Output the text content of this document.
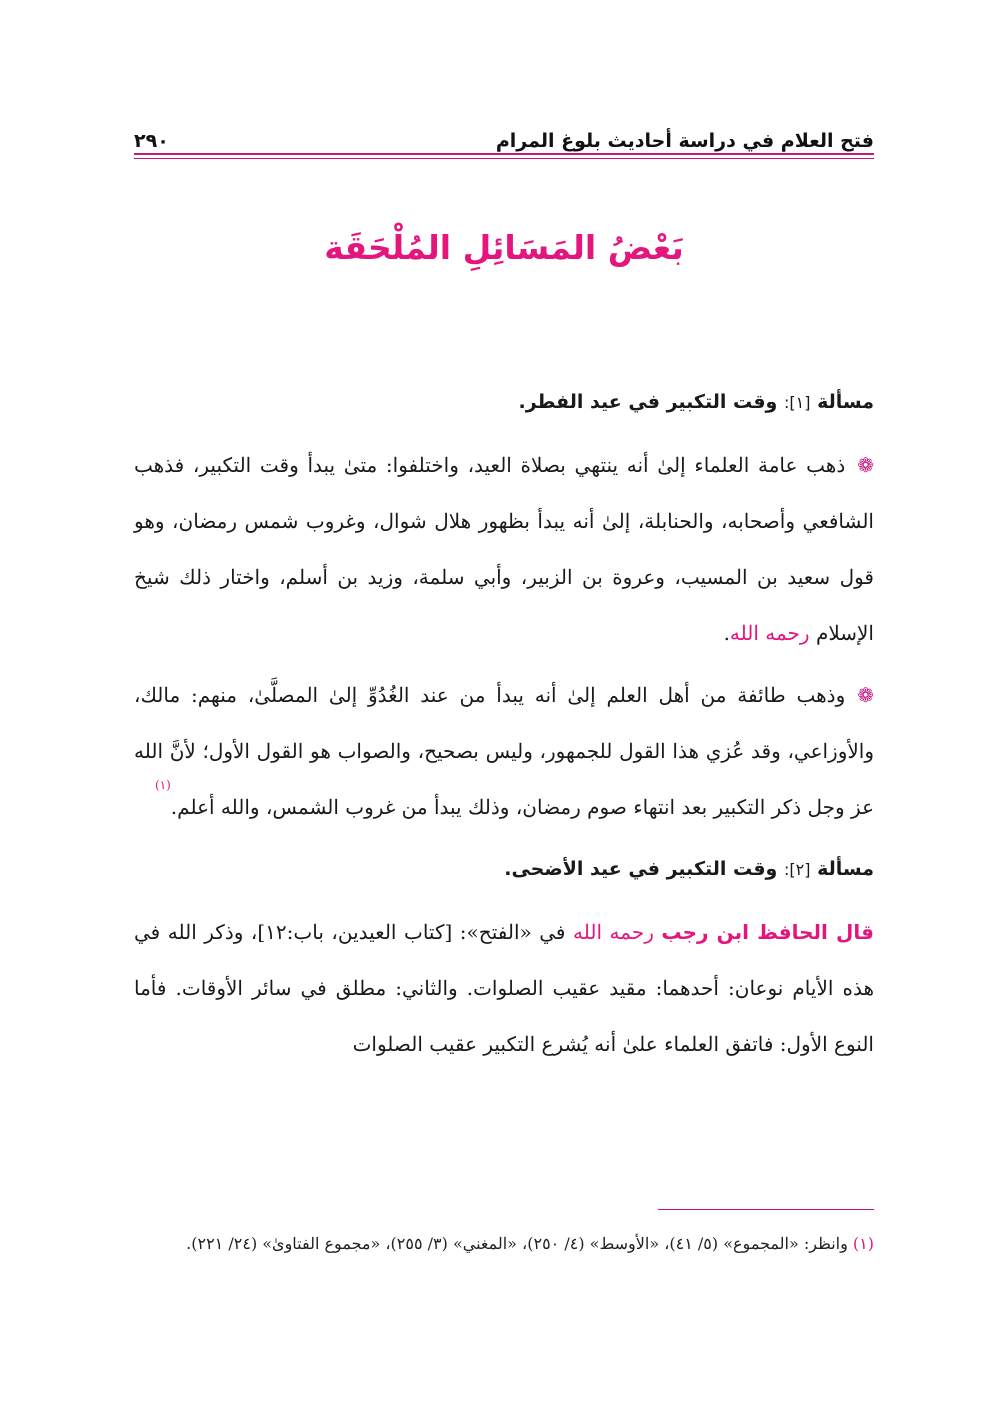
فتح العلام في دراسة أحاديث بلوغ المرام
٢٩٠
بَعْضُ المَسَائِلِ المُلْحَقَة

مسألة [١]: وقت التكبير في عيد الفطر.

❁ذهب عامة العلماء إلىٰ أنه ينتهي بصلاة العيد، واختلفوا: متىٰ يبدأ وقت التكبير، فذهب الشافعي وأصحابه، والحنابلة، إلىٰ أنه يبدأ بظهور هلال شوال، وغروب شمس رمضان، وهو قول سعيد بن المسيب، وعروة بن الزبير، وأبي سلمة، وزيد بن أسلم، واختار ذلك شيخ الإسلام رحمه الله.

❁وذهب طائفة من أهل العلم إلىٰ أنه يبدأ من عند الغُدُوِّ إلىٰ المصلَّىٰ، منهم: مالك، والأوزاعي، وقد عُزي هذا القول للجمهور، وليس بصحيح، والصواب هو القول الأول؛ لأنَّ الله عز وجل ذكر التكبير بعد انتهاء صوم رمضان، وذلك يبدأ من غروب الشمس، والله أعلم.$^{(١)}$

مسألة [٢]: وقت التكبير في عيد الأضحى.

قال الحافظ ابن رجب رحمه الله في «الفتح»: [كتاب العيدين، باب:١٢]، وذكر الله في هذه الأيام نوعان: أحدهما: مقيد عقيب الصلوات. والثاني: مطلق في سائر الأوقات. فأما النوع الأول: فاتفق العلماء علىٰ أنه يُشرع التكبير عقيب الصلوات

(١) وانظر: «المجموع» (٥/ ٤١)، «الأوسط» (٤/ ٢٥٠)، «المغني» (٣/ ٢٥٥)، «مجموع الفتاوىٰ» (٢٤/ ٢٢١).
